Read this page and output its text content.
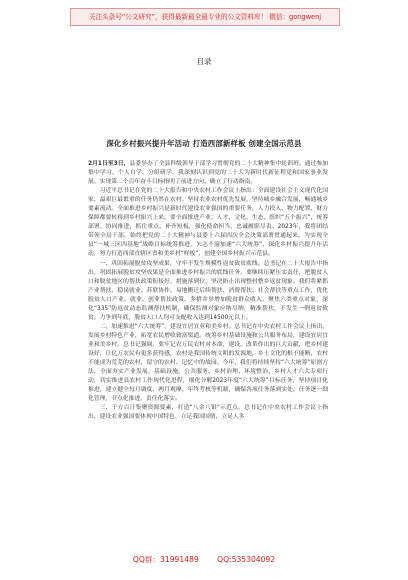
关注头条号“公文研究”，获得最新最全最专业的公文资料库！ 微信：gongwenj
目录
深化乡村振兴提升年活动 打造西部新样板 创建全国示范县

2月1日至3日，县委举办了全县科级领导干部学习贯彻党的二十大精神集中轮训班。通过参加集中学习、个人自学、分组研学，我深刻认识到党的二十大为新时代新征程党和国家事业发展、实现第二个百年奋斗目标指明了前进方向、确立了行动指南。

习近平总书记在党的二十大报告和中央农村工作会议上指出：全面建设社会主义现代化国家，最艰巨最繁重的任务仍然在农村。坚持农业农村优先发展，坚持城乡融合发展，畅通城乡要素流动。全面推进乡村振兴是新时代建设农业强国的重要任务，人力投入、物力配置、财力保障都要转移到乡村振兴上来。要全面推进产业、人才、文化、生态、组织“五个振兴”，统筹部署、协同推进，抓住重点、补齐短板，强化使命担当，忠诚履职尽责。2023年，我将团结带领全局干部，始终把党的二十大精神与县委十六届四次全会决策部署贯通起来，为实现全县“一城三区四基地”战略目标统筹推进，矢志不渝加速“六大统筹”，深化乡村振兴提升年活动，努力打造西部直辖区省和美乡村“样板”，创建全国乡村振兴示范县。

一、巩固拓展脱贫攻坚成果，守牢不发生规模性返贫致贫底线。总书记在二十大报告中指出，巩固拓展脱贫攻坚成果是全面推进乡村振兴的底线任务，要继续压紧压实责任，把脱贫人口和脱贫地区的帮扶政策衔接好、措施落到位，坚决防止出现整村整乡返贫现象。我们将紧抓产业帮扶、稳岗就业、苏联协作、易地搬迁后续帮扶、消费帮扶、社会帮扶等重点工作，优化脱贫人口产业、就业、创业帮扶政策，多措并举增加脱贫群众收入。聚焦六类重点对象，深化“335”防返贫动态监测帮扶机制，确保监测对象应纳尽纳，精准帮扶，不发生一例返贫致贫。力争到年底，脱贫人口人均可支配收入达到14500元以上。

二、加速推进“六大统筹”，建设宜居宜业和美乡村。总书记在中央农村工作会议上指出，发展乡村特色产业，拓宽农民增收致富渠道。统筹乡村基础设施和公共服务布局，建设宜居宜业和美乡村。总书记强调，要牢记农万民农村对本命，建设。改革作出的巨大贡献，把乡村建设好，让亿万农民有更多获得感，农村是我国传统文明的发源地，乡土文化的根不能断，农村不能成为荒芜的农村、留守的农村、记忆中的故园。今年，我们将持续坚持“六大统筹”原则方法，全面夯实产业发展、基础设施、公共服务、乡村治理、环境整治、乡村人才六大专项行动，切实推进县农村工作现代化进程，细化分解2023年度“六大统筹”目标任务，坚持项目化推进，建立健全每月调度、两月观摩、年终考核等机制，确保各项任务落到实处，任务逐一细化管理，节点化推进，责任化落实。

三、千方百计集聚资源要素，打造“八金八银”示范点。总书记在中央农村工作会议上指出，建设农业强国要体现中国特色，立足我国国情，立足人多

QQ群：31991489 QQ:535304092
